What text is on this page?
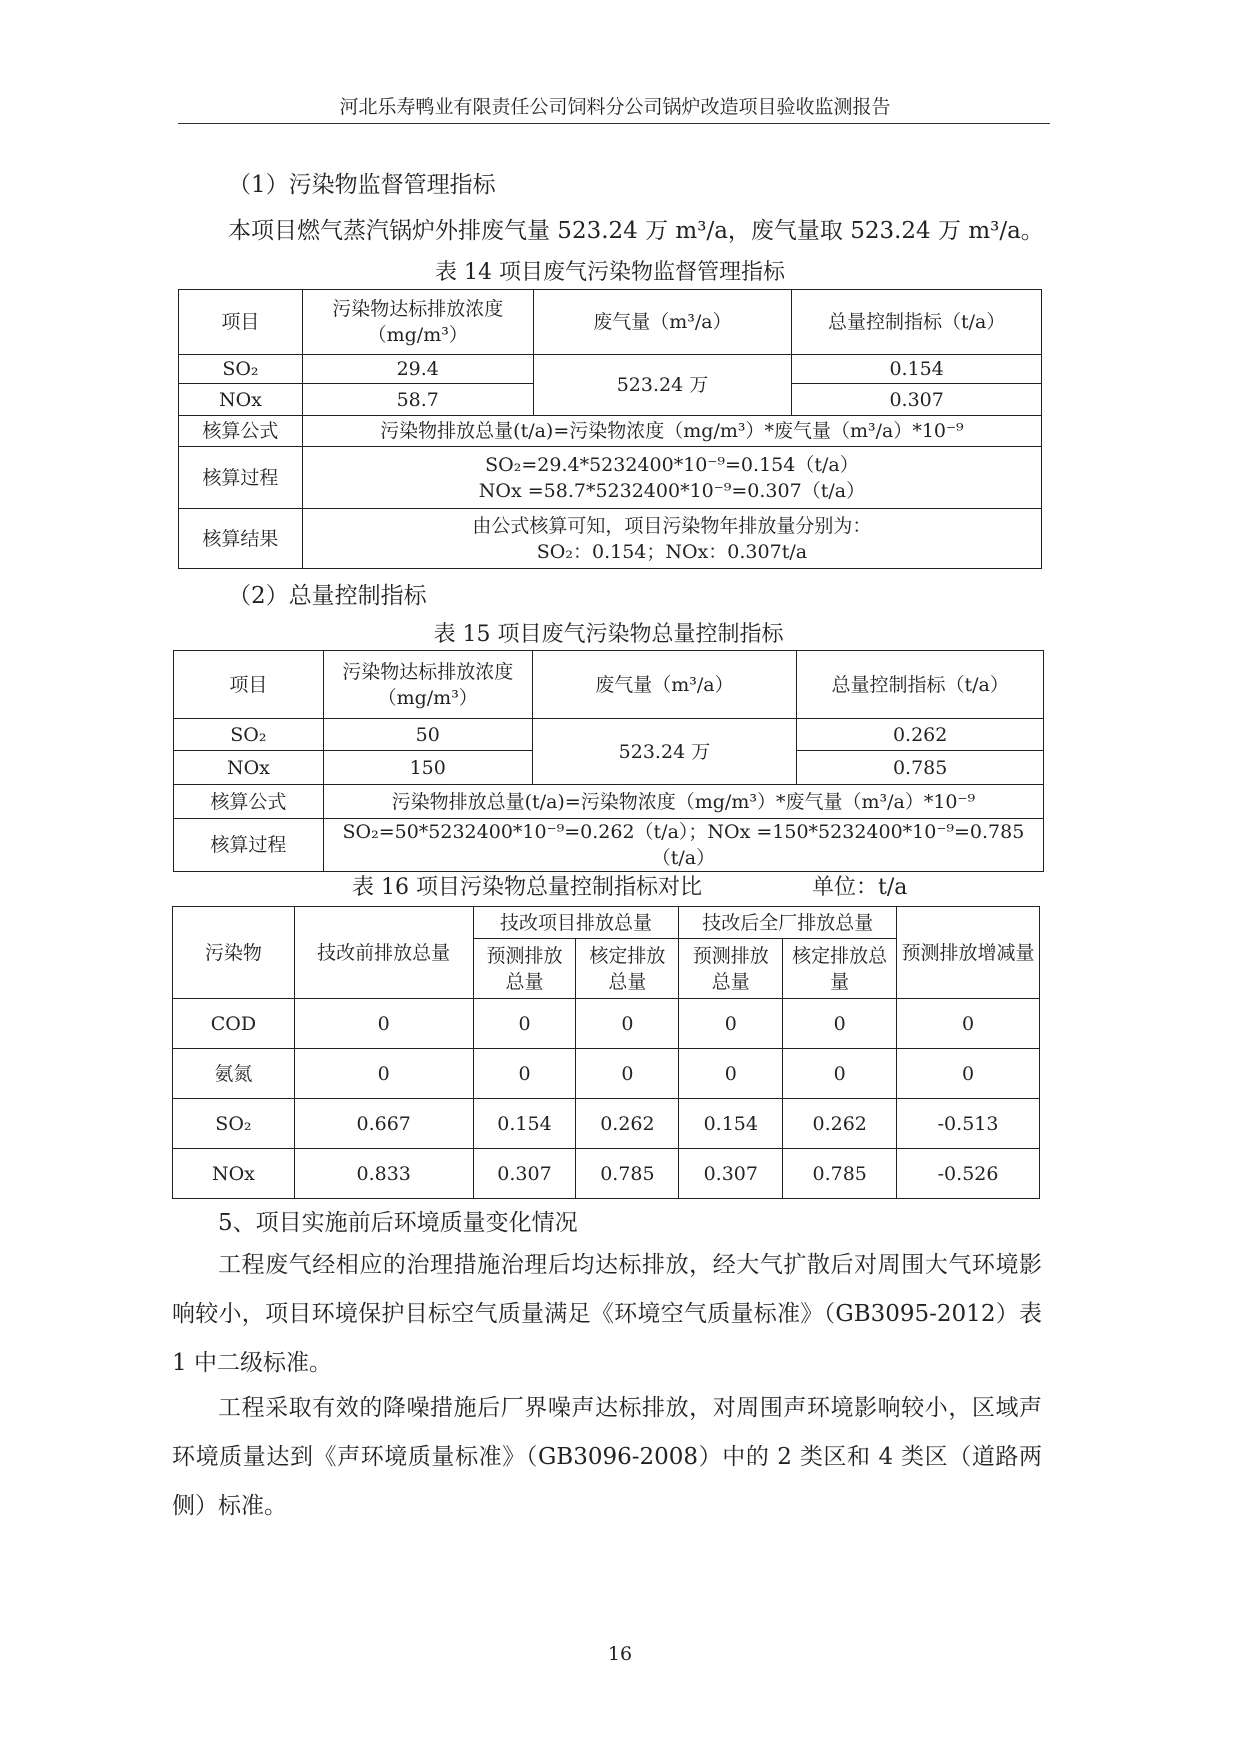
河北乐寿鸭业有限责任公司饲料分公司锅炉改造项目验收监测报告
（1）污染物监督管理指标
本项目燃气蒸汽锅炉外排废气量 523.24 万 m³/a，废气量取 523.24 万 m³/a。
表 14 项目废气污染物监督管理指标
项目	污染物达标排放浓度（mg/m³）	废气量（m³/a）	总量控制指标（t/a）
SO₂	29.4	523.24 万	0.154
NOx	58.7		0.307
核算公式	污染物排放总量(t/a)=污染物浓度（mg/m³）*废气量（m³/a）*10⁻⁹		
核算过程	SO₂=29.4*5232400*10⁻⁹=0.154（t/a）
NOx =58.7*5232400*10⁻⁹=0.307（t/a）		

核算结果	由公式核算可知，项目污染物年排放量分别为：
SO₂：0.154；NOx：0.307t/a		
（2）总量控制指标
表 15 项目废气污染物总量控制指标
项目	污染物达标排放浓度（mg/m³）	废气量（m³/a）	总量控制指标（t/a）
SO₂	50	523.24 万	0.262
NOx	150		0.785
核算公式	污染物排放总量(t/a)=污染物浓度（mg/m³）*废气量（m³/a）*10⁻⁹		
核算过程	SO₂=50*5232400*10⁻⁹=0.262（t/a）；NOx =150*5232400*10⁻⁹=0.785（t/a）		
表 16 项目污染物总量控制指标对比	单位：t/a
污染物	技改前排放总量	技改项目排放总量		技改后全厂排放总量		预测排放增减量
		预测排放总量	核定排放总量	预测排放总量	核定排放总量	
COD	0	0	0	0	0	0
氨氮	0	0	0	0	0	0
SO₂	0.667	0.154	0.262	0.154	0.262	-0.513
NOx	0.833	0.307	0.785	0.307	0.785	-0.526
5、项目实施前后环境质量变化情况
工程废气经相应的治理措施治理后均达标排放，经大气扩散后对周围大气环境影响较小，项目环境保护目标空气质量满足《环境空气质量标准》（GB3095-2012）表 1 中二级标准。
工程采取有效的降噪措施后厂界噪声达标排放，对周围声环境影响较小，区域声环境质量达到《声环境质量标准》（GB3096-2008）中的 2 类区和 4 类区（道路两侧）标准。
16
